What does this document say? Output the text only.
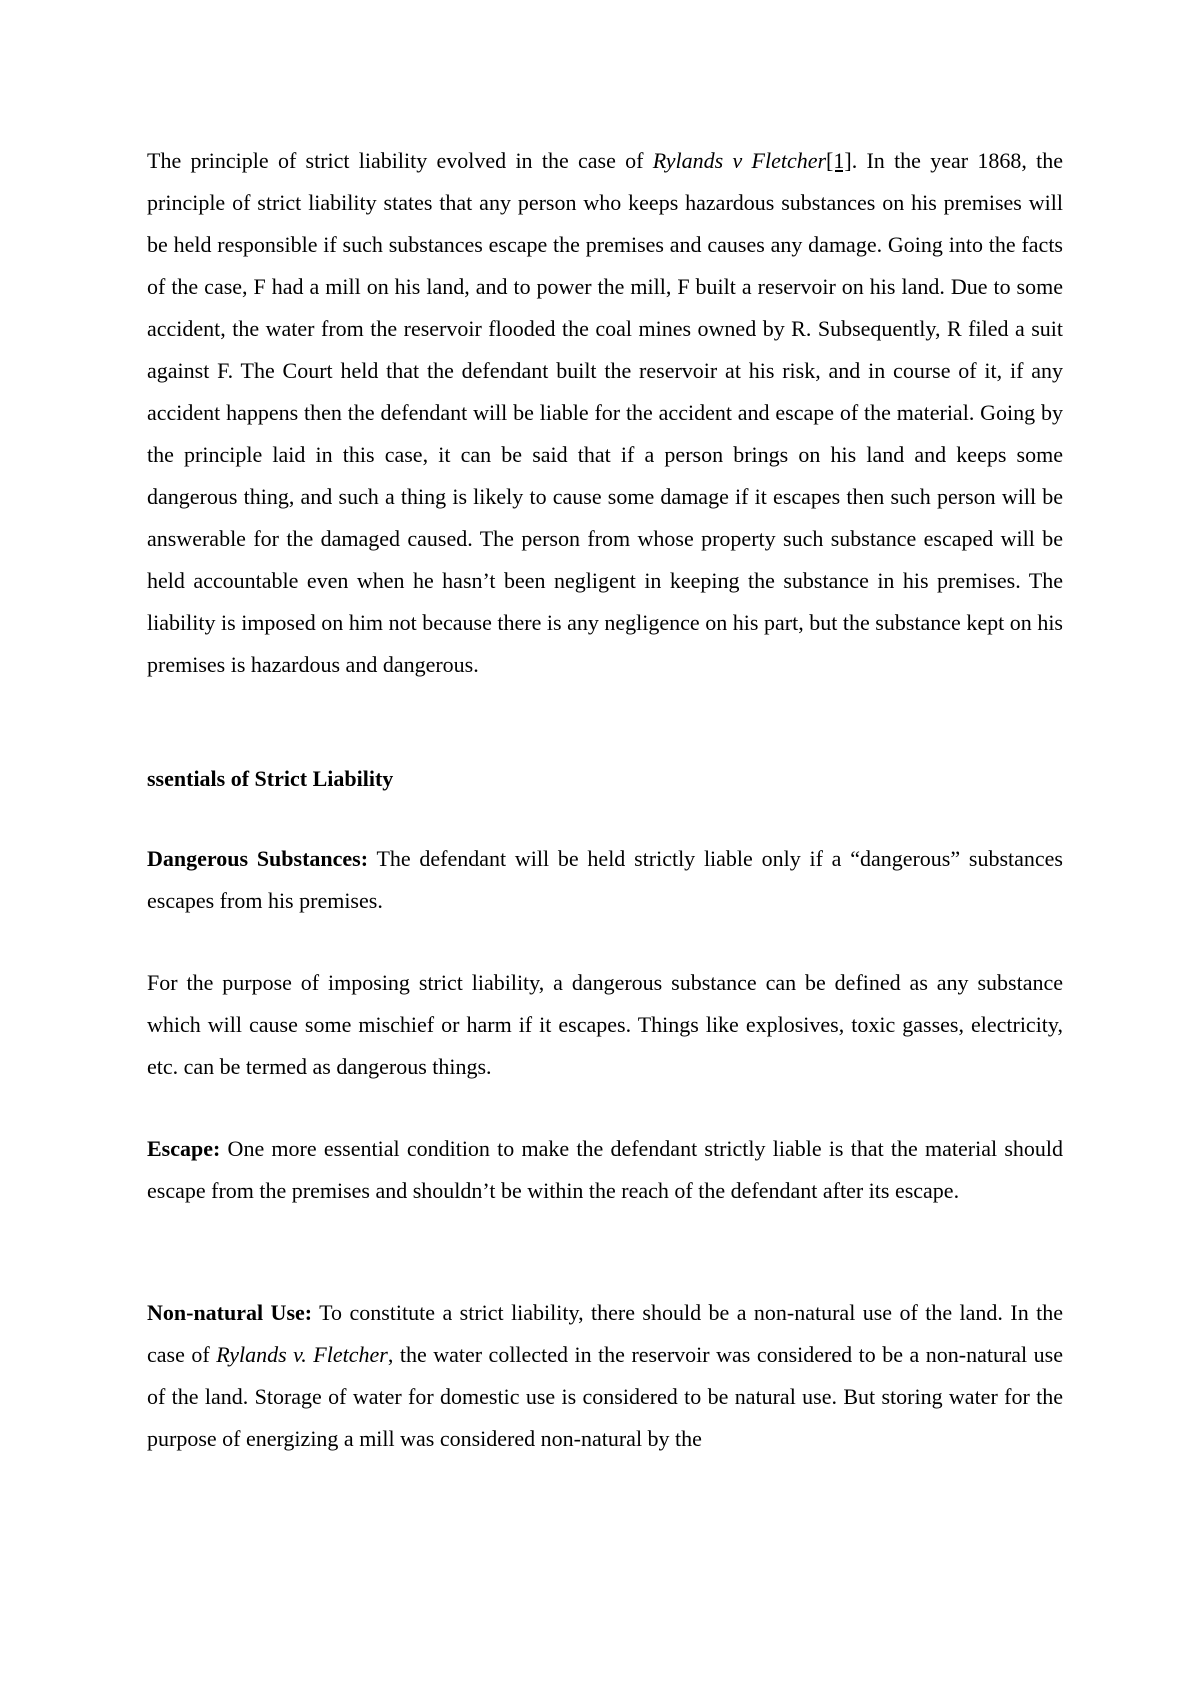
The principle of strict liability evolved in the case of Rylands v Fletcher[1]. In the year 1868, the principle of strict liability states that any person who keeps hazardous substances on his premises will be held responsible if such substances escape the premises and causes any damage. Going into the facts of the case, F had a mill on his land, and to power the mill, F built a reservoir on his land. Due to some accident, the water from the reservoir flooded the coal mines owned by R. Subsequently, R filed a suit against F. The Court held that the defendant built the reservoir at his risk, and in course of it, if any accident happens then the defendant will be liable for the accident and escape of the material. Going by the principle laid in this case, it can be said that if a person brings on his land and keeps some dangerous thing, and such a thing is likely to cause some damage if it escapes then such person will be answerable for the damaged caused. The person from whose property such substance escaped will be held accountable even when he hasn’t been negligent in keeping the substance in his premises. The liability is imposed on him not because there is any negligence on his part, but the substance kept on his premises is hazardous and dangerous.

ssentials of Strict Liability

Dangerous Substances: The defendant will be held strictly liable only if a “dangerous” substances escapes from his premises.

For the purpose of imposing strict liability, a dangerous substance can be defined as any substance which will cause some mischief or harm if it escapes. Things like explosives, toxic gasses, electricity, etc. can be termed as dangerous things.

Escape: One more essential condition to make the defendant strictly liable is that the material should escape from the premises and shouldn’t be within the reach of the defendant after its escape.

Non-natural Use: To constitute a strict liability, there should be a non-natural use of the land. In the case of Rylands v. Fletcher, the water collected in the reservoir was considered to be a non-natural use of the land. Storage of water for domestic use is considered to be natural use. But storing water for the purpose of energizing a mill was considered non-natural by the
